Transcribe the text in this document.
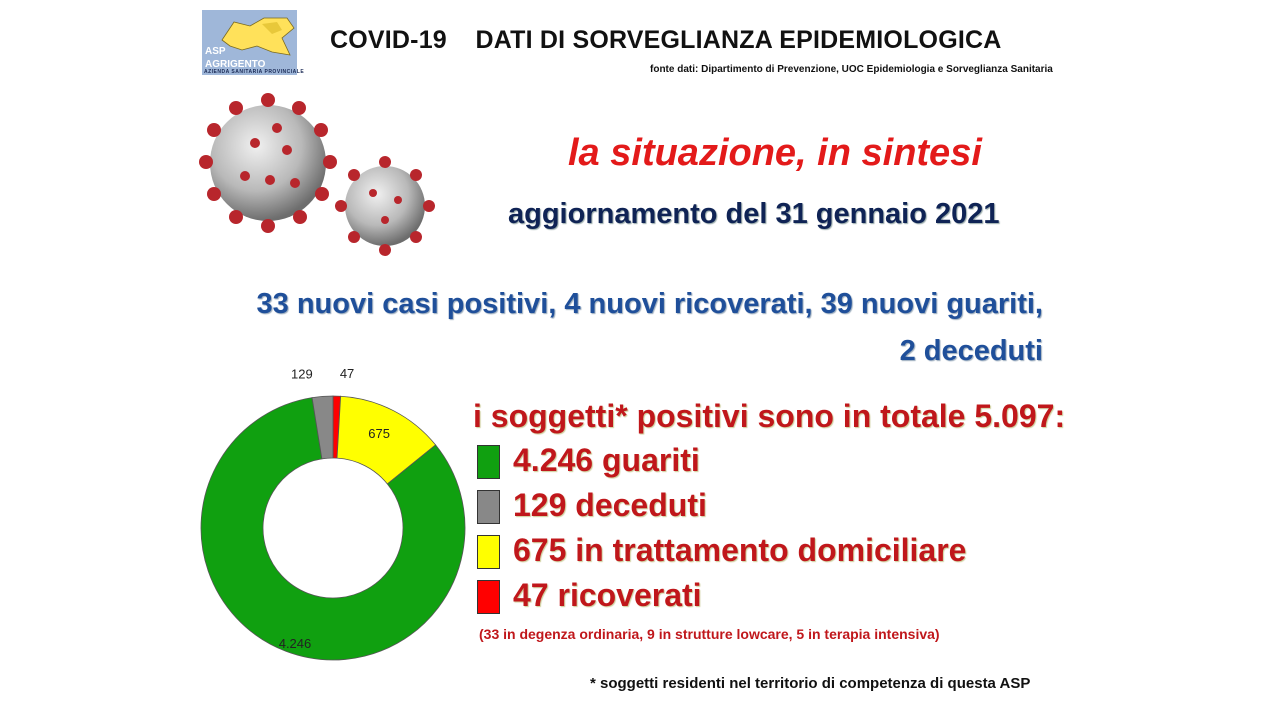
ASP
AGRIGENTO
AZIENDA SANITARIA PROVINCIALE
COVID-19    DATI DI SORVEGLIANZA EPIDEMIOLOGICA
fonte dati: Dipartimento di Prevenzione, UOC Epidemiologia e Sorveglianza Sanitaria
la situazione, in sintesi
aggiornamento del 31 gennaio 2021
33 nuovi casi positivi, 4 nuovi ricoverati, 39 nuovi guariti,
2 deceduti
47
675
4.246
129
i soggetti* positivi sono in totale 5.097:
4.246 guariti
129 deceduti
675 in trattamento domiciliare
47 ricoverati
(33 in degenza ordinaria, 9 in strutture lowcare, 5 in terapia intensiva)
* soggetti residenti nel territorio di competenza di questa ASP
